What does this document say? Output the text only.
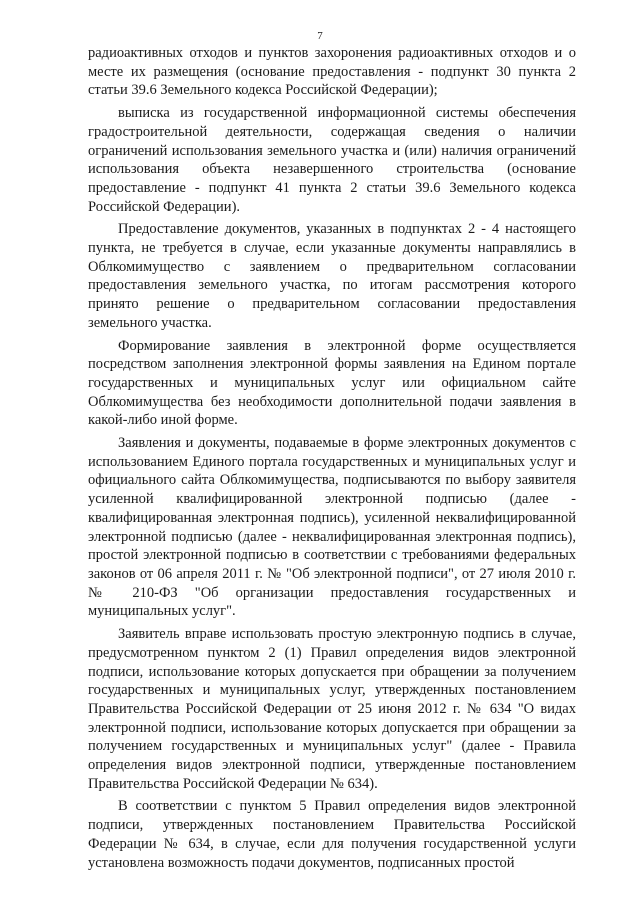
7

радиоактивных отходов и пунктов захоронения радиоактивных отходов и о месте их размещения (основание предоставления - подпункт 30 пункта 2 статьи 39.6 Земельного кодекса Российской Федерации);

выписка из государственной информационной системы обеспечения градостроительной деятельности, содержащая сведения о наличии ограничений использования земельного участка и (или) наличия ограничений использования объекта незавершенного строительства (основание предоставление - подпункт 41 пункта 2 статьи 39.6 Земельного кодекса Российской Федерации).

Предоставление документов, указанных в подпунктах 2 - 4 настоящего пункта, не требуется в случае, если указанные документы направлялись в Облкомимущество с заявлением о предварительном согласовании предоставления земельного участка, по итогам рассмотрения которого принято решение о предварительном согласовании предоставления земельного участка.

Формирование заявления в электронной форме осуществляется посредством заполнения электронной формы заявления на Едином портале государственных и муниципальных услуг или официальном сайте Облкомимущества без необходимости дополнительной подачи заявления в какой-либо иной форме.

Заявления и документы, подаваемые в форме электронных документов с использованием Единого портала государственных и муниципальных услуг и официального сайта Облкомимущества, подписываются по выбору заявителя усиленной квалифицированной электронной подписью (далее - квалифицированная электронная подпись), усиленной неквалифицированной электронной подписью (далее - неквалифицированная электронная подпись), простой электронной подписью в соответствии с требованиями федеральных законов от 06 апреля 2011 г. № "Об электронной подписи", от 27 июля 2010 г. № 210-ФЗ "Об организации предоставления государственных и муниципальных услуг".

Заявитель вправе использовать простую электронную подпись в случае, предусмотренном пунктом 2 (1) Правил определения видов электронной подписи, использование которых допускается при обращении за получением государственных и муниципальных услуг, утвержденных постановлением Правительства Российской Федерации от 25 июня 2012 г. № 634 "О видах электронной подписи, использование которых допускается при обращении за получением государственных и муниципальных услуг" (далее - Правила определения видов электронной подписи, утвержденные постановлением Правительства Российской Федерации № 634).

В соответствии с пунктом 5 Правил определения видов электронной подписи, утвержденных постановлением Правительства Российской Федерации № 634, в случае, если для получения государственной услуги установлена возможность подачи документов, подписанных простой
